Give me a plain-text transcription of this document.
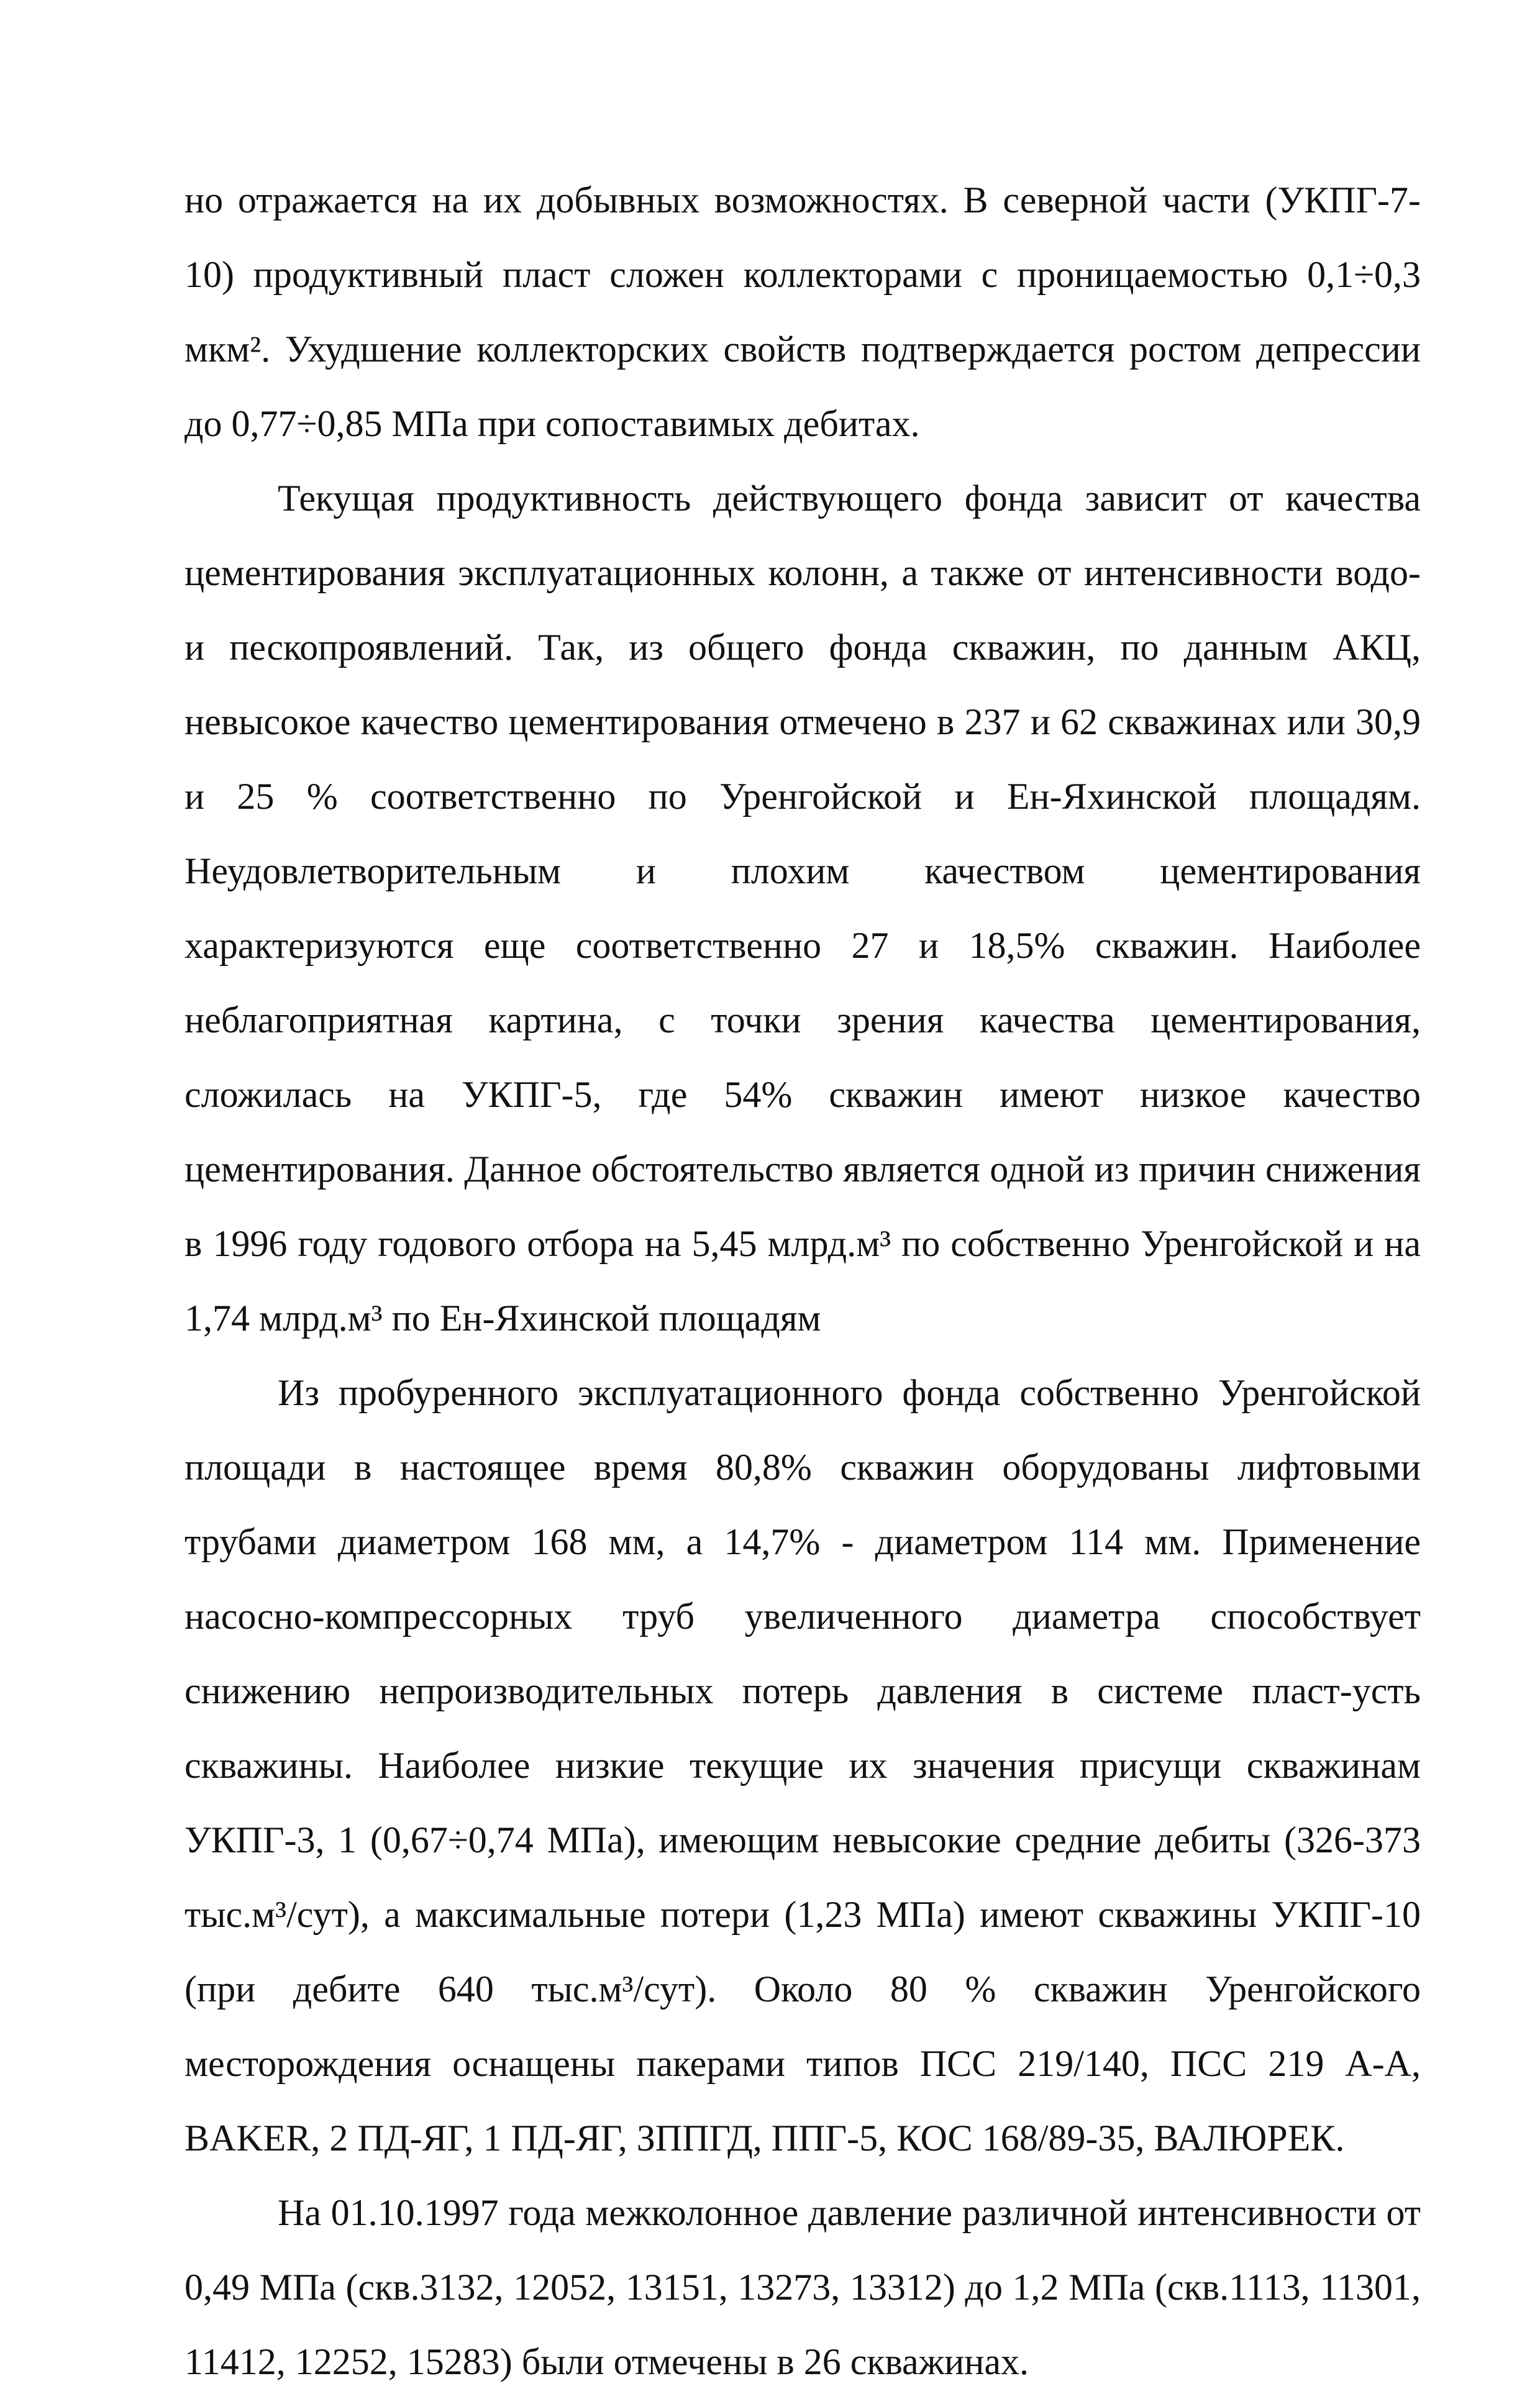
но отражается на их добывных возможностях. В северной части (УКПГ-7-10) продуктивный пласт сложен коллекторами с проницаемостью 0,1÷0,3 мкм². Ухудшение коллекторских свойств подтверждается ростом депрессии до 0,77÷0,85 МПа при сопоставимых дебитах.

Текущая продуктивность действующего фонда зависит от качества цементирования эксплуатационных колонн, а также от интенсивности водо- и пескопроявлений. Так, из общего фонда скважин, по данным АКЦ, невысокое качество цементирования отмечено в 237 и 62 скважинах или 30,9 и 25 % соответственно по Уренгойской и Ен-Яхинской площадям. Неудовлетворительным и плохим качеством цементирования характеризуются еще соответственно 27 и 18,5% скважин. Наиболее неблагоприятная картина, с точки зрения качества цементирования, сложилась на УКПГ-5, где 54% скважин имеют низкое качество цементирования. Данное обстоятельство является одной из причин снижения в 1996 году годового отбора на 5,45 млрд.м³ по собственно Уренгойской и на 1,74 млрд.м³ по Ен-Яхинской площадям

Из пробуренного эксплуатационного фонда собственно Уренгойской площади в настоящее время 80,8% скважин оборудованы лифтовыми трубами диаметром 168 мм, а 14,7% - диаметром 114 мм. Применение насосно-компрессорных труб увеличенного диаметра способствует снижению непроизводительных потерь давления в системе пласт-усть скважины. Наиболее низкие текущие их значения присущи скважинам УКПГ-3, 1 (0,67÷0,74 МПа), имеющим невысокие средние дебиты (326-373 тыс.м³/сут), а максимальные потери (1,23 МПа) имеют скважины УКПГ-10 (при дебите 640 тыс.м³/сут). Около 80 % скважин Уренгойского месторождения оснащены пакерами типов ПСС 219/140, ПСС 219 А-А, BAKER, 2 ПД-ЯГ, 1 ПД-ЯГ, ЗППГД, ППГ-5, КОС 168/89-35, ВАЛЮРЕК.

На 01.10.1997 года межколонное давление различной интенсивности от 0,49 МПа (скв.3132, 12052, 13151, 13273, 13312) до 1,2 МПа (скв.1113, 11301, 11412, 12252, 15283) были отмечены в 26 скважинах.
